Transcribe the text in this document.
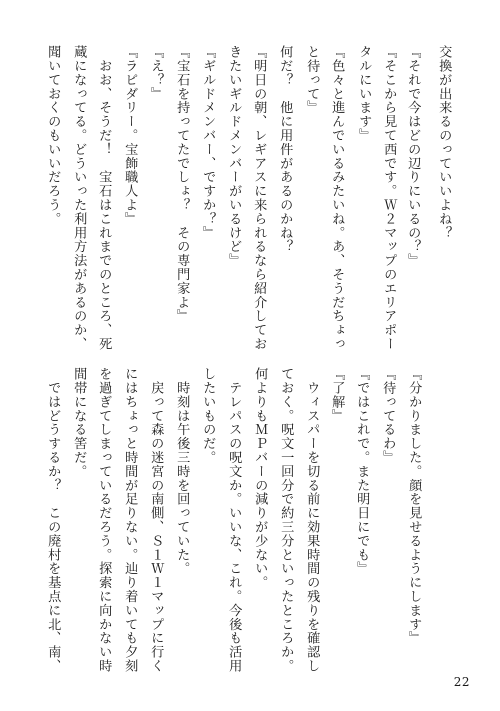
交換が出来るのっていいよね？
『それで今はどの辺りにいるの？』
『そこから見て西です。Ｗ２マップのエリアポー
タルにいます』
『色々と進んでいるみたいね。あ、そうだちょっ
と待って』
何だ？　他に用件があるのかね？
『明日の朝、レギアスに来られるなら紹介してお
きたいギルドメンバーがいるけど』
『ギルドメンバー、ですか？』
『宝石を持ってたでしょ？　その専門家よ』
『え？』
『ラピダリー。宝飾職人よ』
　おお、そうだ！　宝石はこれまでのところ、死
蔵になってる。どういった利用方法があるのか、
聞いておくのもいいだろう。
『分かりました。顔を見せるようにします』
『待ってるわ』
『ではこれで。また明日にでも』
『了解』
　ウィスパーを切る前に効果時間の残りを確認し
ておく。呪文一回分で約三分といったところか。
何よりもＭＰバーの減りが少ない。
　テレパスの呪文か。いいな、これ。今後も活用
したいものだ。
　時刻は午後三時を回っていた。
　戻って森の迷宮の南側、Ｓ１Ｗ１マップに行く
にはちょっと時間が足りない。辿り着いても夕刻
を過ぎてしまっているだろう。探索に向かない時
間帯になる筈だ。
　ではどうするか？　この廃村を基点に北、南、
22
